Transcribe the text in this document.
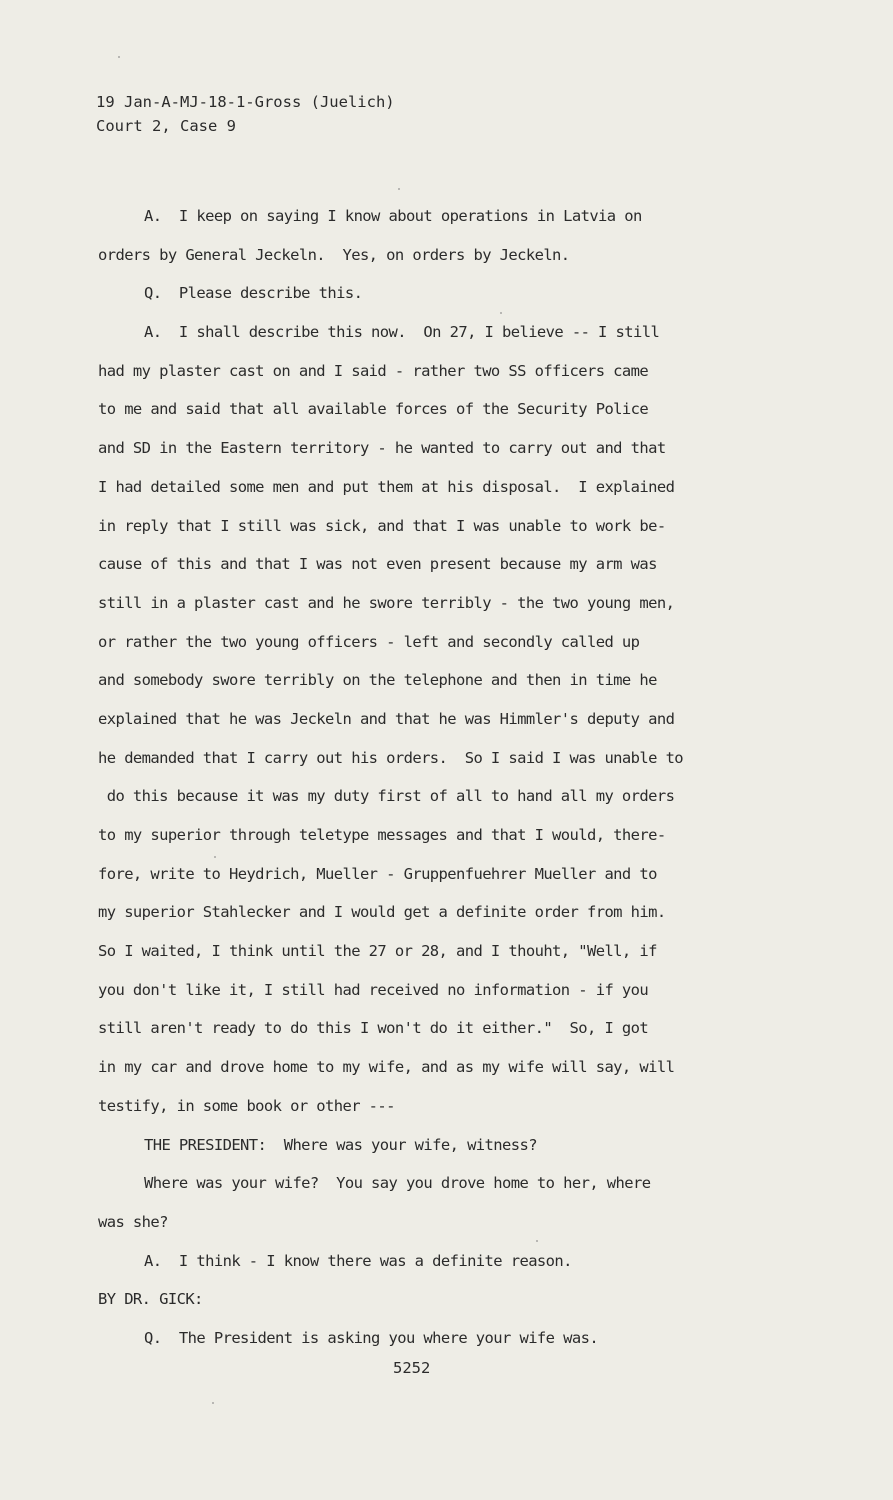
19 Jan-A-MJ-18-1-Gross (Juelich)
Court 2, Case 9
A.  I keep on saying I know about operations in Latvia on
orders by General Jeckeln.  Yes, on orders by Jeckeln.
Q.  Please describe this.
A.  I shall describe this now.  On 27, I believe -- I still
had my plaster cast on and I said - rather two SS officers came
to me and said that all available forces of the Security Police
and SD in the Eastern territory - he wanted to carry out and that
I had detailed some men and put them at his disposal.  I explained
in reply that I still was sick, and that I was unable to work be-
cause of this and that I was not even present because my arm was
still in a plaster cast and he swore terribly - the two young men,
or rather the two young officers - left and secondly called up
and somebody swore terribly on the telephone and then in time he
explained that he was Jeckeln and that he was Himmler's deputy and
he demanded that I carry out his orders.  So I said I was unable to
do this because it was my duty first of all to hand all my orders
to my superior through teletype messages and that I would, there-
fore, write to Heydrich, Mueller - Gruppenfuehrer Mueller and to
my superior Stahlecker and I would get a definite order from him.
So I waited, I think until the 27 or 28, and I thouht, "Well, if
you don't like it, I still had received no information - if you
still aren't ready to do this I won't do it either."  So, I got
in my car and drove home to my wife, and as my wife will say, will
testify, in some book or other ---
THE PRESIDENT:  Where was your wife, witness?
Where was your wife?  You say you drove home to her, where
was she?
A.  I think - I know there was a definite reason.
BY DR. GICK:
Q.  The President is asking you where your wife was.
5252
